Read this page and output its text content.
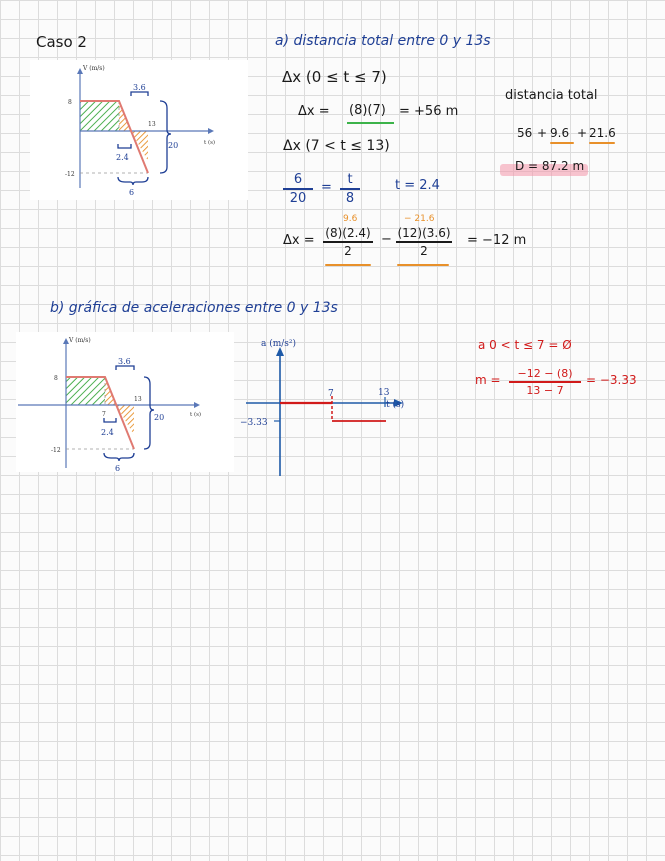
Caso 2
V (m/s)
t (s)
8
-12
13
3.6
2.4
20
6
a) distancia total entre 0 y 13s
Δx (0 ≤ t ≤ 7)
Δx = (8)(7) = +56 m
Δx (7 < t ≤ 13)
6
20
=
t
8
t = 2.4
9.6	− 21.6
Δx = (8)(2.4)
2
− (12)(3.6)
2
= −12 m
distancia total
56 + 9.6 + 21.6
D = 87.2 m
b) gráfica de aceleraciones entre 0 y 13s
V (m/s)
t (s)
8
-12
7
13
3.6
2.4
20
6
a (m/s²)
7	13
t (s)
−3.33
a 0 < t ≤ 7 = Ø
m = −12 − (8)
13 − 7
= −3.33
